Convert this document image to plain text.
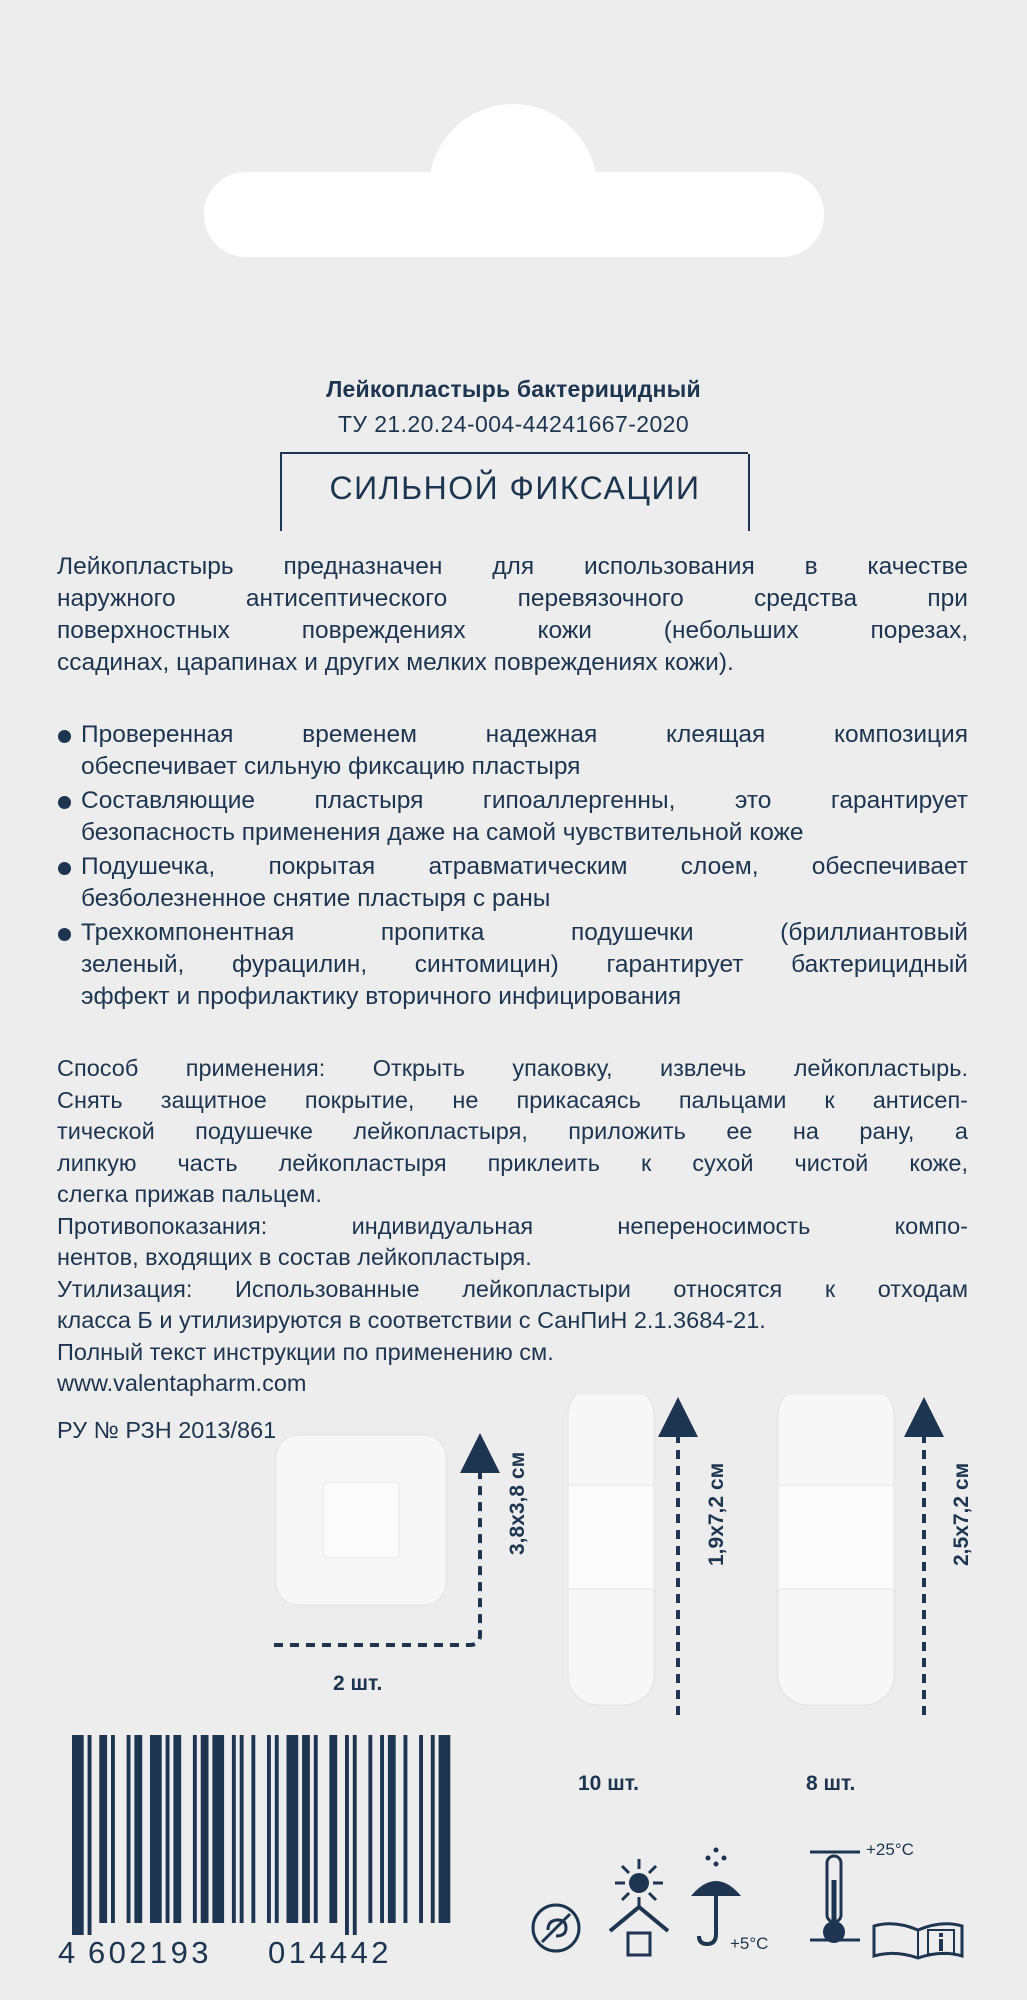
Лейкопластырь бактерицидный
ТУ 21.20.24-004-44241667-2020
СИЛЬНОЙ ФИКСАЦИИ
Лейкопластырь предназначен для использования в качестве
наружного антисептического перевязочного средства при
поверхностных повреждениях кожи (небольших порезах,
ссадинах, царапинах и других мелких повреждениях кожи).
Проверенная временем надежная клеящая композиция
обеспечивает сильную фиксацию пластыря
Составляющие пластыря гипоаллергенны, это гарантирует
безопасность применения даже на самой чувствительной коже
Подушечка, покрытая атравматическим слоем, обеспечивает
безболезненное снятие пластыря с раны
Трехкомпонентная пропитка подушечки (бриллиантовый
зеленый, фурацилин, синтомицин) гарантирует бактерицидный
эффект и профилактику вторичного инфицирования
Способ применения: Открыть упаковку, извлечь лейкопластырь.
Снять защитное покрытие, не прикасаясь пальцами к антисеп-
тической подушечке лейкопластыря, приложить ее на рану, а
липкую часть лейкопластыря приклеить к сухой чистой коже,
слегка прижав пальцем.
Противопоказания: индивидуальная непереносимость компо-
нентов, входящих в состав лейкопластыря.
Утилизация: Использованные лейкопластыри относятся к отходам
класса Б и утилизируются в соответствии с СанПиН 2.1.3684-21.
Полный текст инструкции по применению см.
www.valentapharm.com
РУ № РЗН 2013/861
3,8х3,8 см	1,9х7,2 см	2,5х7,2 см
2 шт.
10 шт.	8 шт.
4 602193 014442	+5°C
+25°C
